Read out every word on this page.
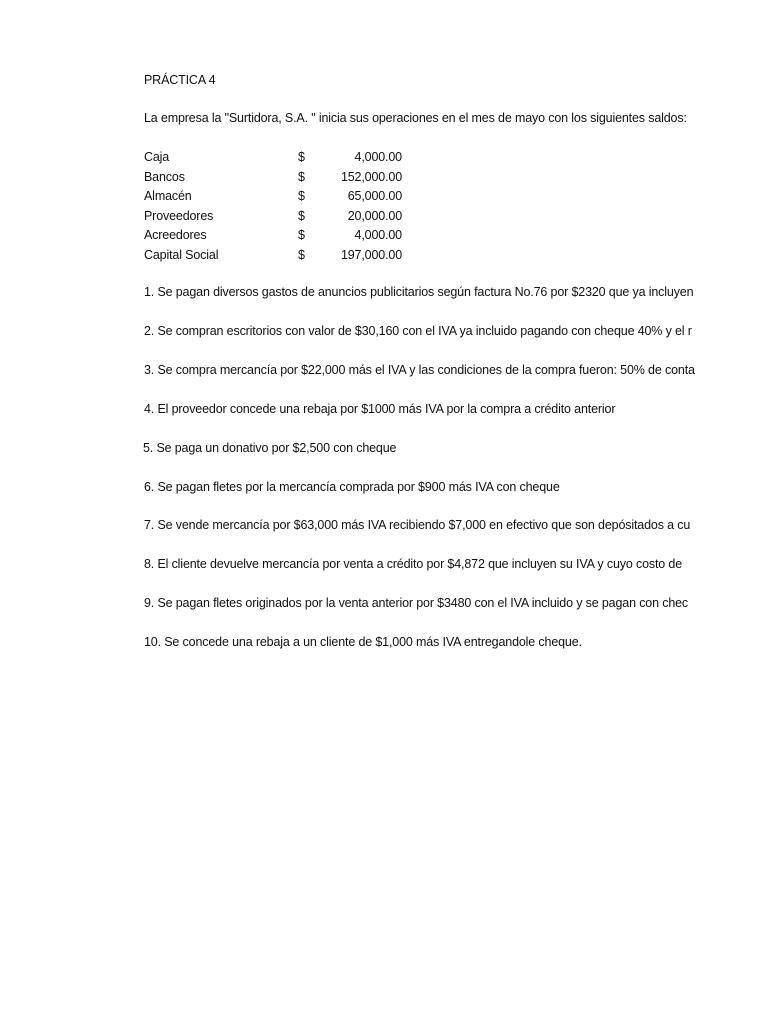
PRÁCTICA 4
La empresa la "Surtidora, S.A. " inicia sus operaciones en el mes de mayo con los siguientes saldos:
Caja	$	4,000.00
Bancos	$	152,000.00
Almacén	$	65,000.00
Proveedores	$	20,000.00
Acreedores	$	4,000.00
Capital Social	$	197,000.00
1. Se pagan diversos gastos de anuncios publicitarios según factura No.76 por $2320 que ya incluyen
2. Se compran escritorios con valor de $30,160 con el IVA ya incluido pagando con cheque 40% y el r
3. Se compra mercancía por $22,000 más el IVA y las condiciones de la compra fueron: 50% de conta
4. El proveedor concede una rebaja por $1000 más IVA por la compra a crédito anterior
5. Se paga un donativo por $2,500 con cheque
6. Se pagan fletes por la mercancía comprada por $900 más IVA con cheque
7. Se vende mercancía por $63,000 más IVA recibiendo $7,000 en efectivo que son depósitados a cu
8. El cliente devuelve mercancía por venta a crédito por $4,872 que incluyen su IVA y cuyo costo de
9. Se pagan fletes originados por la venta anterior por $3480 con el IVA incluido y se pagan con chec
10. Se concede una rebaja a un cliente de $1,000 más IVA entregandole cheque.
